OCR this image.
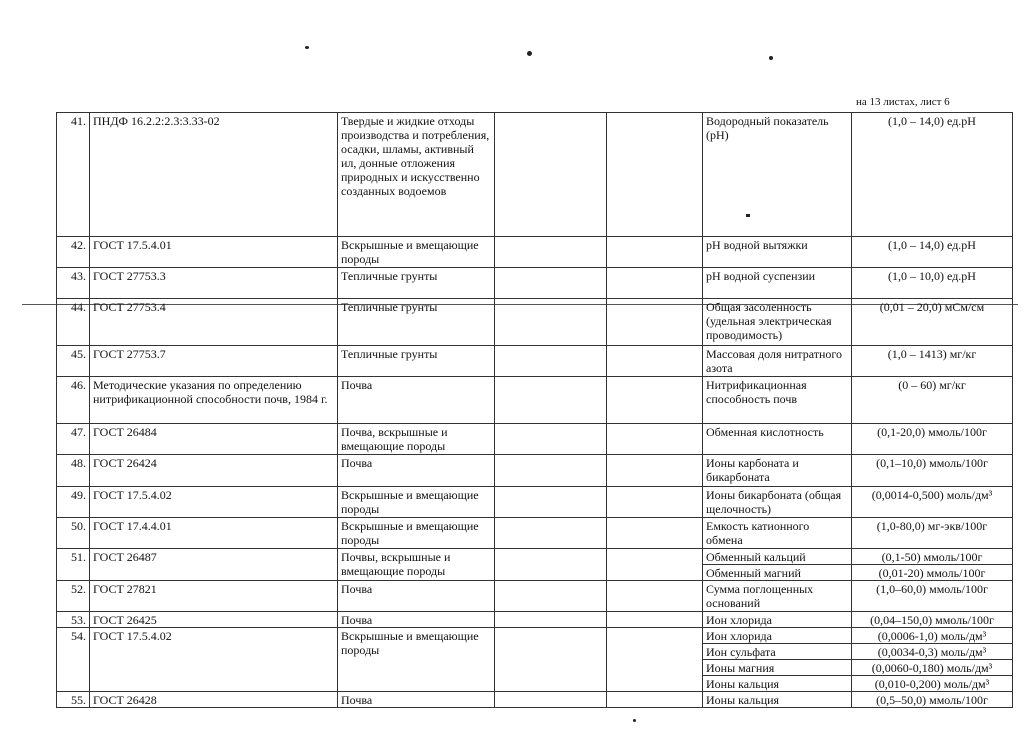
на 13 листах, лист 6
41.	ПНДФ 16.2.2:2.3:3.33-02	Твердые и жидкие отходы производства и потребления, осадки, шламы, активный ил, донные отложения природных и искусственно созданных водоемов			Водородный показатель (рН)	(1,0 – 14,0) ед.рН
42.	ГОСТ 17.5.4.01	Вскрышные и вмещающие породы			рН водной вытяжки	(1,0 – 14,0) ед.рН
43.	ГОСТ 27753.3	Тепличные грунты			рН водной суспензии	(1,0 – 10,0) ед.рН
44.	ГОСТ 27753.4	Тепличные грунты			Общая засоленность (удельная электрическая проводимость)	(0,01 – 20,0) мСм/см
45.	ГОСТ 27753.7	Тепличные грунты			Массовая доля нитратного азота	(1,0 – 1413) мг/кг
46.	Методические указания по определению нитрификационной способности почв, 1984 г.	Почва			Нитрификационная способность почв	(0 – 60) мг/кг
47.	ГОСТ 26484	Почва, вскрышные и вмещающие породы			Обменная кислотность	(0,1-20,0) ммоль/100г
48.	ГОСТ 26424	Почва			Ионы карбоната и бикарбоната	(0,1–10,0) ммоль/100г
49.	ГОСТ 17.5.4.02	Вскрышные и вмещающие породы			Ионы бикарбоната (общая щелочность)	(0,0014-0,500) моль/дм³
50.	ГОСТ 17.4.4.01	Вскрышные и вмещающие породы			Емкость катионного обмена	(1,0-80,0) мг-экв/100г
51.	ГОСТ 26487	Почвы, вскрышные и вмещающие породы			Обменный кальций	(0,1-50) ммоль/100г
					Обменный магний	(0,01-20) ммоль/100г
52.	ГОСТ 27821	Почва			Сумма поглощенных оснований	(1,0–60,0) ммоль/100г
53.	ГОСТ 26425	Почва			Ион хлорида	(0,04–150,0) ммоль/100г
54.	ГОСТ 17.5.4.02	Вскрышные и вмещающие породы			Ион хлорида	(0,0006-1,0) моль/дм³
					Ион сульфата	(0,0034-0,3) моль/дм³
					Ионы магния	(0,0060-0,180) моль/дм³
					Ионы кальция	(0,010-0,200) моль/дм³
55.	ГОСТ 26428	Почва			Ионы кальция	(0,5–50,0) ммоль/100г
